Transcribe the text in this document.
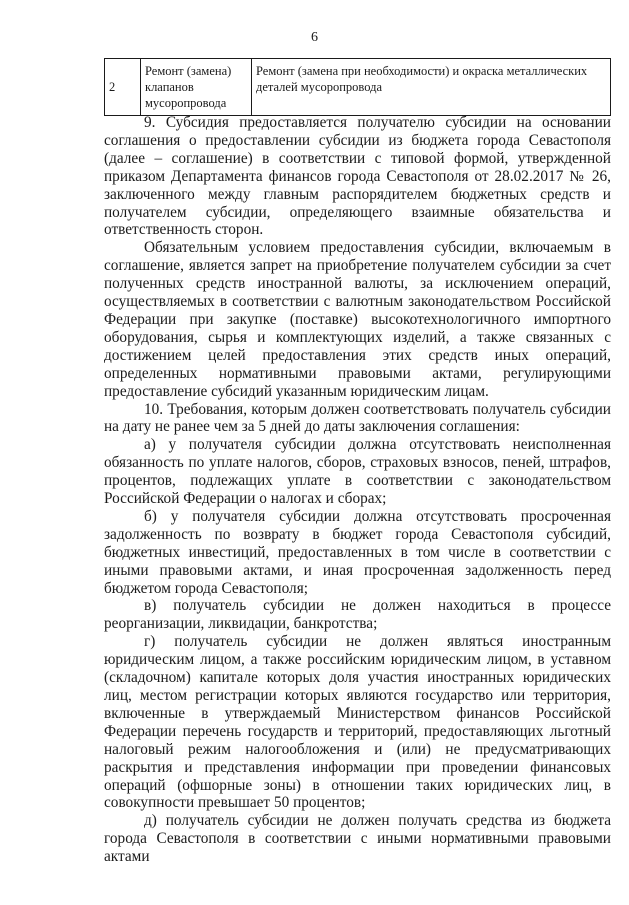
6
2	Ремонт (замена) клапанов мусоропровода	Ремонт (замена при необходимости) и окраска металлических деталей мусоропровода

9. Субсидия предоставляется получателю субсидии на основании соглашения о предоставлении субсидии из бюджета города Севастополя (далее – соглашение) в соответствии с типовой формой, утвержденной приказом Департамента финансов города Севастополя от 28.02.2017 № 26, заключенного между главным распорядителем бюджетных средств и получателем субсидии, определяющего взаимные обязательства и ответственность сторон.

Обязательным условием предоставления субсидии, включаемым в соглашение, является запрет на приобретение получателем субсидии за счет полученных средств иностранной валюты, за исключением операций, осуществляемых в соответствии с валютным законодательством Российской Федерации при закупке (поставке) высокотехнологичного импортного оборудования, сырья и комплектующих изделий, а также связанных с достижением целей предоставления этих средств иных операций, определенных нормативными правовыми актами, регулирующими предоставление субсидий указанным юридическим лицам.

10. Требования, которым должен соответствовать получатель субсидии на дату не ранее чем за 5 дней до даты заключения соглашения:

а) у получателя субсидии должна отсутствовать неисполненная обязанность по уплате налогов, сборов, страховых взносов, пеней, штрафов, процентов, подлежащих уплате в соответствии с законодательством Российской Федерации о налогах и сборах;

б) у получателя субсидии должна отсутствовать просроченная задолженность по возврату в бюджет города Севастополя субсидий, бюджетных инвестиций, предоставленных в том числе в соответствии с иными правовыми актами, и иная просроченная задолженность перед бюджетом города Севастополя;

в) получатель субсидии не должен находиться в процессе реорганизации, ликвидации, банкротства;

г) получатель субсидии не должен являться иностранным юридическим лицом, а также российским юридическим лицом, в уставном (складочном) капитале которых доля участия иностранных юридических лиц, местом регистрации которых являются государство или территория, включенные в утверждаемый Министерством финансов Российской Федерации перечень государств и территорий, предоставляющих льготный налоговый режим налогообложения и (или) не предусматривающих раскрытия и представления информации при проведении финансовых операций (офшорные зоны) в отношении таких юридических лиц, в совокупности превышает 50 процентов;

д) получатель субсидии не должен получать средства из бюджета города Севастополя в соответствии с иными нормативными правовыми актами
